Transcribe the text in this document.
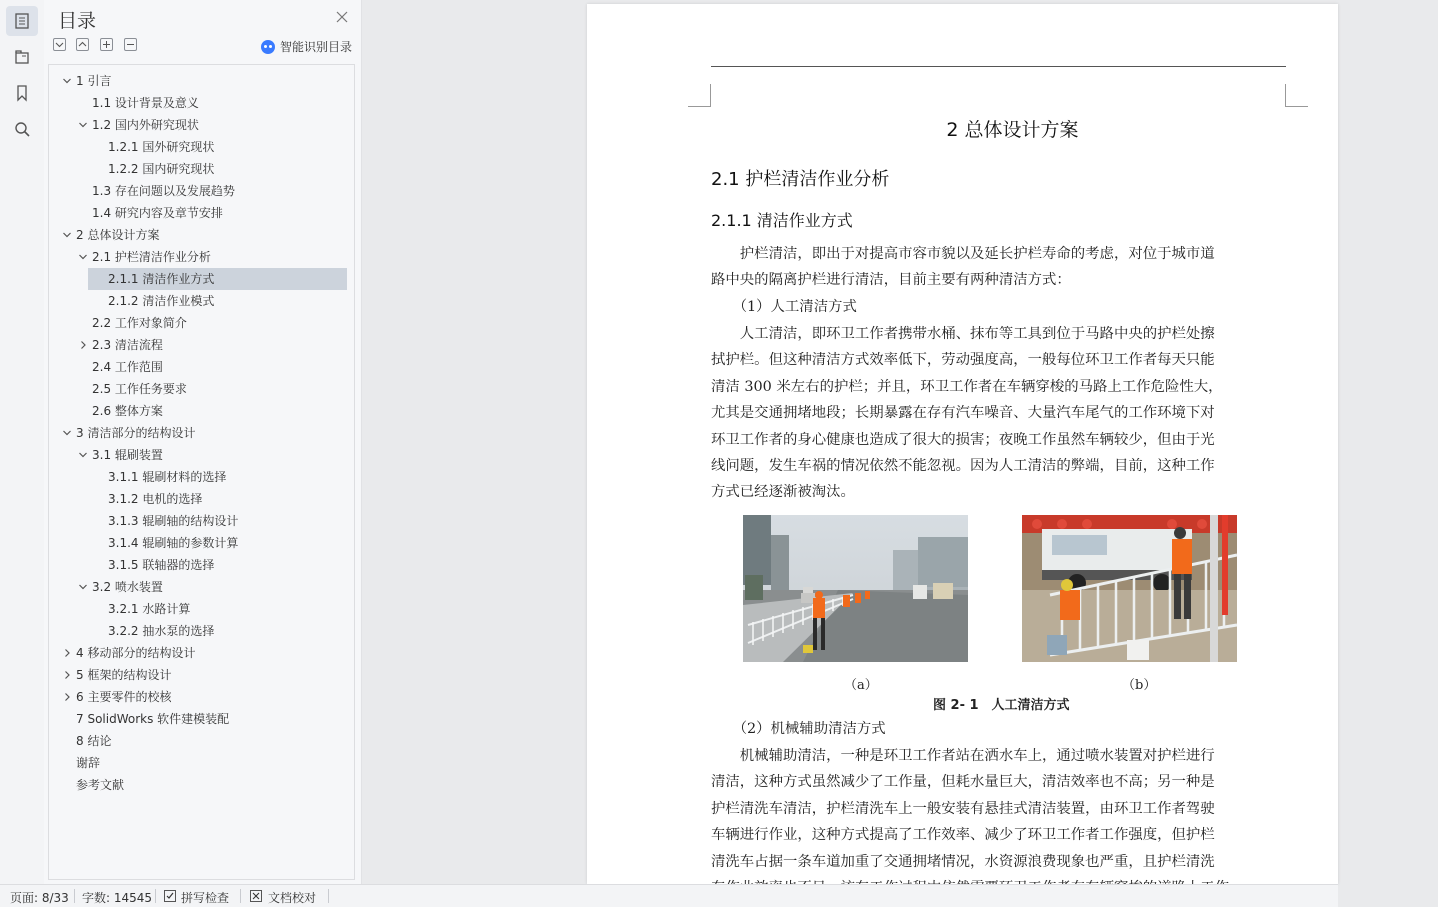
目录
智能识别目录
1 引言
1.1 设计背景及意义
1.2 国内外研究现状
1.2.1 国外研究现状
1.2.2 国内研究现状
1.3 存在问题以及发展趋势
1.4 研究内容及章节安排
2 总体设计方案
2.1 护栏清洁作业分析
2.1.1 清洁作业方式
2.1.2 清洁作业模式
2.2 工作对象简介
2.3 清洁流程
2.4 工作范围
2.5 工作任务要求
2.6 整体方案
3 清洁部分的结构设计
3.1 辊刷装置
3.1.1 辊刷材料的选择
3.1.2 电机的选择
3.1.3 辊刷轴的结构设计
3.1.4 辊刷轴的参数计算
3.1.5 联轴器的选择
3.2 喷水装置
3.2.1 水路计算
3.2.2 抽水泵的选择
4 移动部分的结构设计
5 框架的结构设计
6 主要零件的校核
7 SolidWorks 软件建模装配
8 结论
谢辞
参考文献
2 总体设计方案
2.1 护栏清洁作业分析
2.1.1 清洁作业方式
　　护栏清洁，即出于对提高市容市貌以及延长护栏寿命的考虑，对位于城市道
路中央的隔离护栏进行清洁，目前主要有两种清洁方式：
　　（1）人工清洁方式
　　人工清洁，即环卫工作者携带水桶、抹布等工具到位于马路中央的护栏处擦
拭护栏。但这种清洁方式效率低下，劳动强度高，一般每位环卫工作者每天只能
清洁 300 米左右的护栏；并且，环卫工作者在车辆穿梭的马路上工作危险性大，
尤其是交通拥堵地段；长期暴露在存有汽车噪音、大量汽车尾气的工作环境下对
环卫工作者的身心健康也造成了很大的损害；夜晚工作虽然车辆较少，但由于光
线问题，发生车祸的情况依然不能忽视。因为人工清洁的弊端，目前，这种工作
方式已经逐渐被淘汰。
（a）	（b）
图 2- 1　人工清洁方式
　　（2）机械辅助清洁方式
　　机械辅助清洁，一种是环卫工作者站在洒水车上，通过喷水装置对护栏进行
清洁，这种方式虽然减少了工作量，但耗水量巨大，清洁效率也不高；另一种是
护栏清洗车清洁，护栏清洗车上一般安装有悬挂式清洁装置，由环卫工作者驾驶
车辆进行作业，这种方式提高了工作效率、减少了环卫工作者工作强度，但护栏
清洗车占据一条车道加重了交通拥堵情况，水资源浪费现象也严重，且护栏清洗
页面: 8/33 字数: 14545 拼写检查	文档校对
